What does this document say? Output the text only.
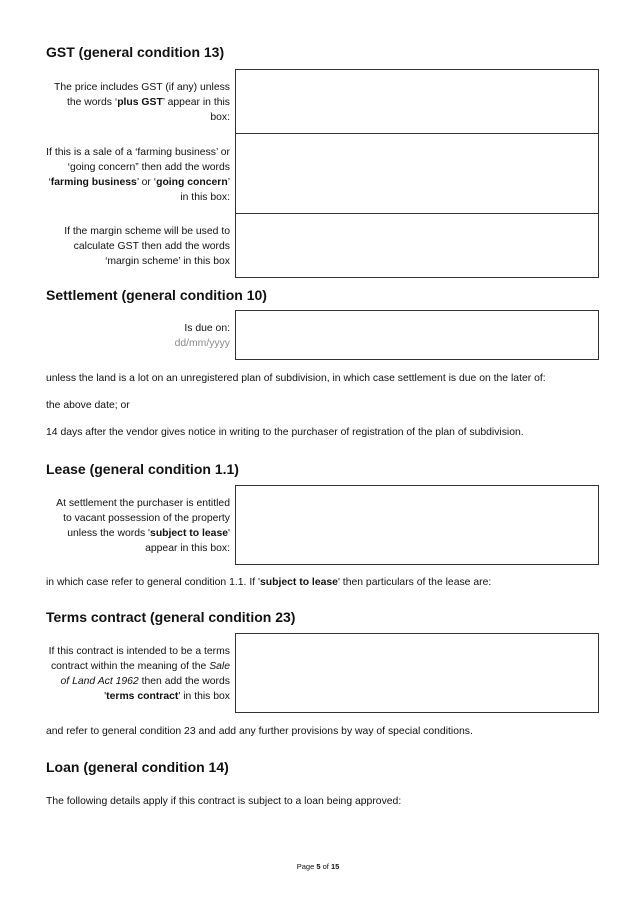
GST (general condition 13)
The price includes GST (if any) unless the words ‘plus GST’ appear in this box:
If this is a sale of a ‘farming business’ or ‘going concern” then add the words ‘farming business’ or ‘going concern’ in this box:
If the margin scheme will be used to calculate GST then add the words ‘margin scheme’ in this box
Settlement (general condition 10)
Is due on:
dd/mm/yyyy
unless the land is a lot on an unregistered plan of subdivision, in which case settlement is due on the later of:
the above date; or
14 days after the vendor gives notice in writing to the purchaser of registration of the plan of subdivision.
Lease (general condition 1.1)
At settlement the purchaser is entitled to vacant possession of the property unless the words 'subject to lease' appear in this box:
in which case refer to general condition 1.1. If 'subject to lease' then particulars of the lease are:
Terms contract (general condition 23)
If this contract is intended to be a terms contract within the meaning of the Sale of Land Act 1962 then add the words 'terms contract' in this box
and refer to general condition 23 and add any further provisions by way of special conditions.
Loan (general condition 14)
The following details apply if this contract is subject to a loan being approved:
Page 5 of 15
